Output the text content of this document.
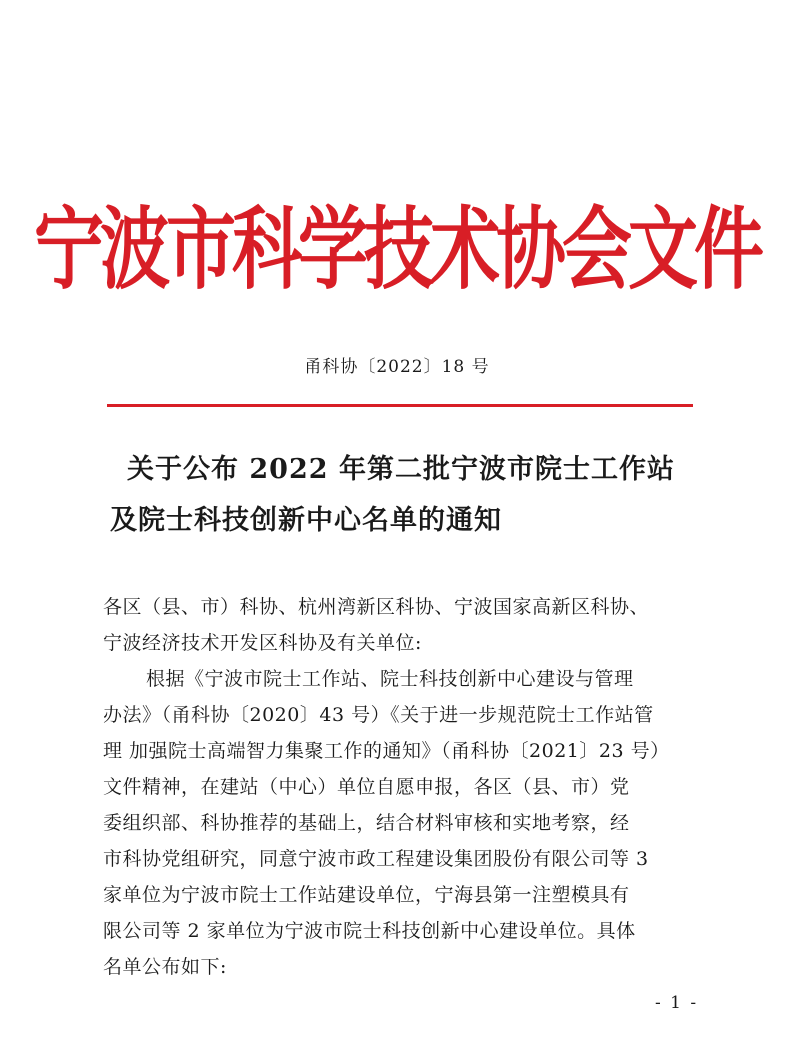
宁波市科学技术协会文件
甬科协〔2022〕18 号
关于公布 2022 年第二批宁波市院士工作站
及院士科技创新中心名单的通知
各区（县、市）科协、杭州湾新区科协、宁波国家高新区科协、
宁波经济技术开发区科协及有关单位:
根据《宁波市院士工作站、院士科技创新中心建设与管理
办法》（甬科协〔2020〕43 号）《关于进一步规范院士工作站管
理 加强院士高端智力集聚工作的通知》（甬科协〔2021〕23 号）
文件精神，在建站（中心）单位自愿申报，各区（县、市）党
委组织部、科协推荐的基础上，结合材料审核和实地考察，经
市科协党组研究，同意宁波市政工程建设集团股份有限公司等 3
家单位为宁波市院士工作站建设单位，宁海县第一注塑模具有
限公司等 2 家单位为宁波市院士科技创新中心建设单位。具体
名单公布如下:
- 1 -
